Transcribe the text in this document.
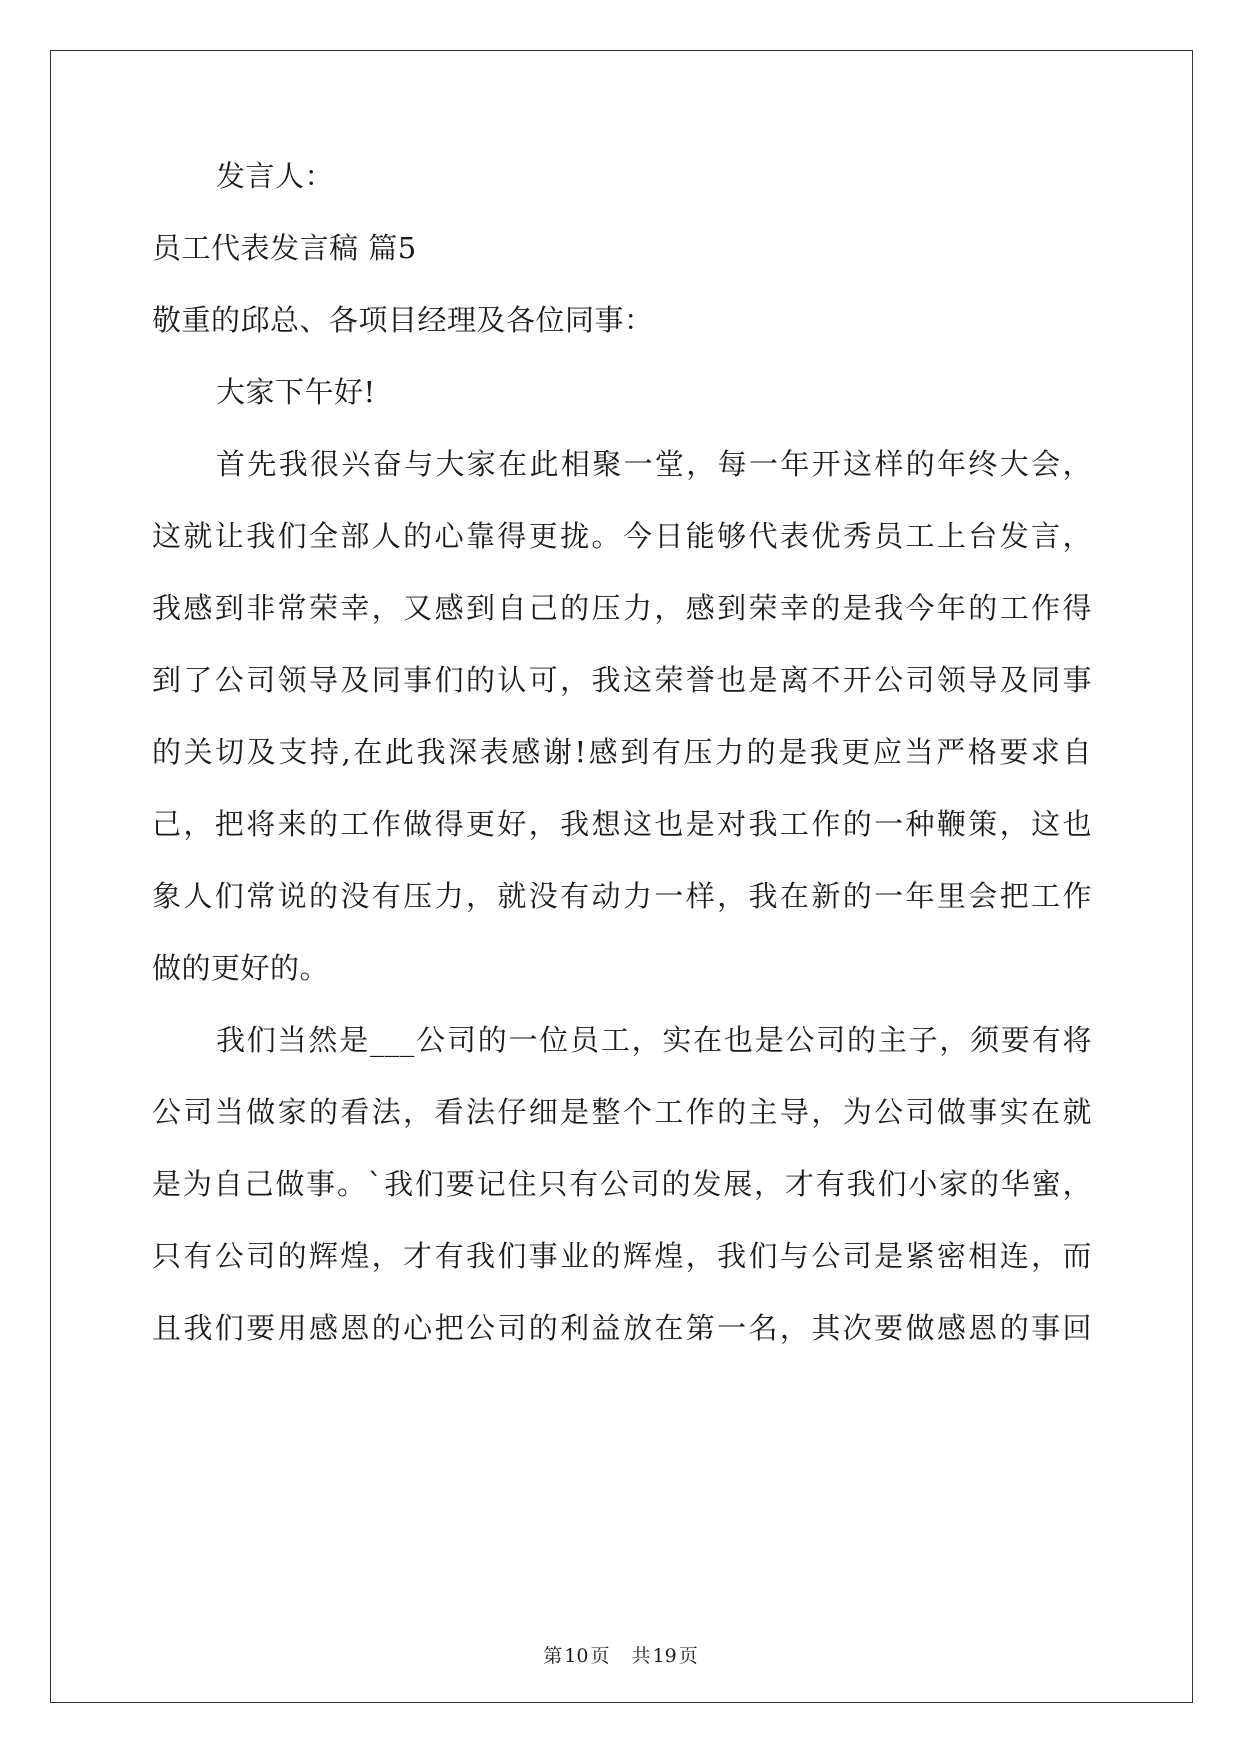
发言人：
员工代表发言稿 篇5
敬重的邱总、各项目经理及各位同事：
大家下午好!
首先我很兴奋与大家在此相聚一堂，每一年开这样的年终大会，
这就让我们全部人的心靠得更拢。今日能够代表优秀员工上台发言，
我感到非常荣幸，又感到自己的压力，感到荣幸的是我今年的工作得
到了公司领导及同事们的认可，我这荣誉也是离不开公司领导及同事
的关切及支持,在此我深表感谢!感到有压力的是我更应当严格要求自
己，把将来的工作做得更好，我想这也是对我工作的一种鞭策，这也
象人们常说的没有压力，就没有动力一样，我在新的一年里会把工作
做的更好的。
我们当然是___公司的一位员工，实在也是公司的主子，须要有将
公司当做家的看法，看法仔细是整个工作的主导，为公司做事实在就
是为自己做事。`我们要记住只有公司的发展，才有我们小家的华蜜，
只有公司的辉煌，才有我们事业的辉煌，我们与公司是紧密相连，而
且我们要用感恩的心把公司的利益放在第一名，其次要做感恩的事回
第 10 页 共 19 页
